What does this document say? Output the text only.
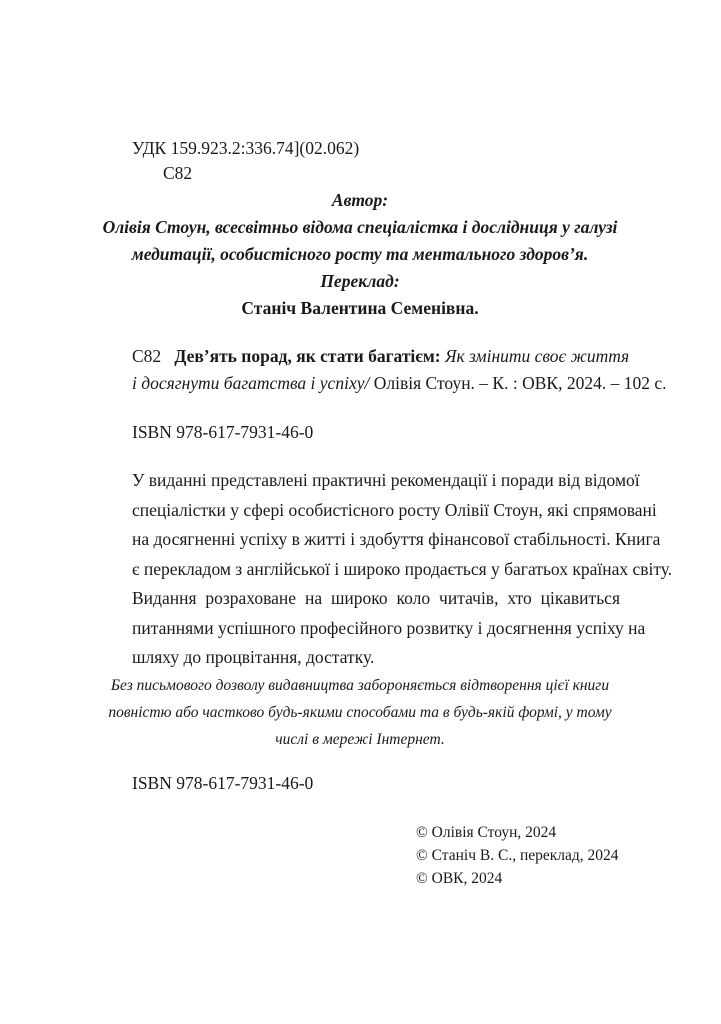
УДК 159.923.2:336.74](02.062)
С82
Автор:
Олівія Стоун, всесвітньо відома спеціалістка і дослідниця у галузі
медитації, особистісного росту та ментального здоров’я.
Переклад:
Станіч Валентина Семенівна.
С82 Дев’ять порад, як стати багатієм: Як змінити своє життя
і досягнути багатства і успіху/ Олівія Стоун. – К. : ОВК, 2024. – 102 с.
ISBN 978-617-7931-46-0
У виданні представлені практичні рекомендації і поради від відомої
спеціалістки у сфері особистісного росту Олівії Стоун, які спрямовані
на досягненні успіху в житті і здобуття фінансової стабільності. Книга
є перекладом з англійської і широко продається у багатьох країнах світу.
Видання розраховане на широко коло читачів, хто цікавиться
питаннями успішного професійного розвитку і досягнення успіху на
шляху до процвітання, достатку.
Без письмового дозволу видавництва забороняється відтворення цієї книги
повністю або частково будь-якими способами та в будь-якій формі, у тому
числі в мережі Інтернет.
ISBN 978-617-7931-46-0
© Олівія Стоун, 2024
© Станіч В. С., переклад, 2024
© ОВК, 2024
